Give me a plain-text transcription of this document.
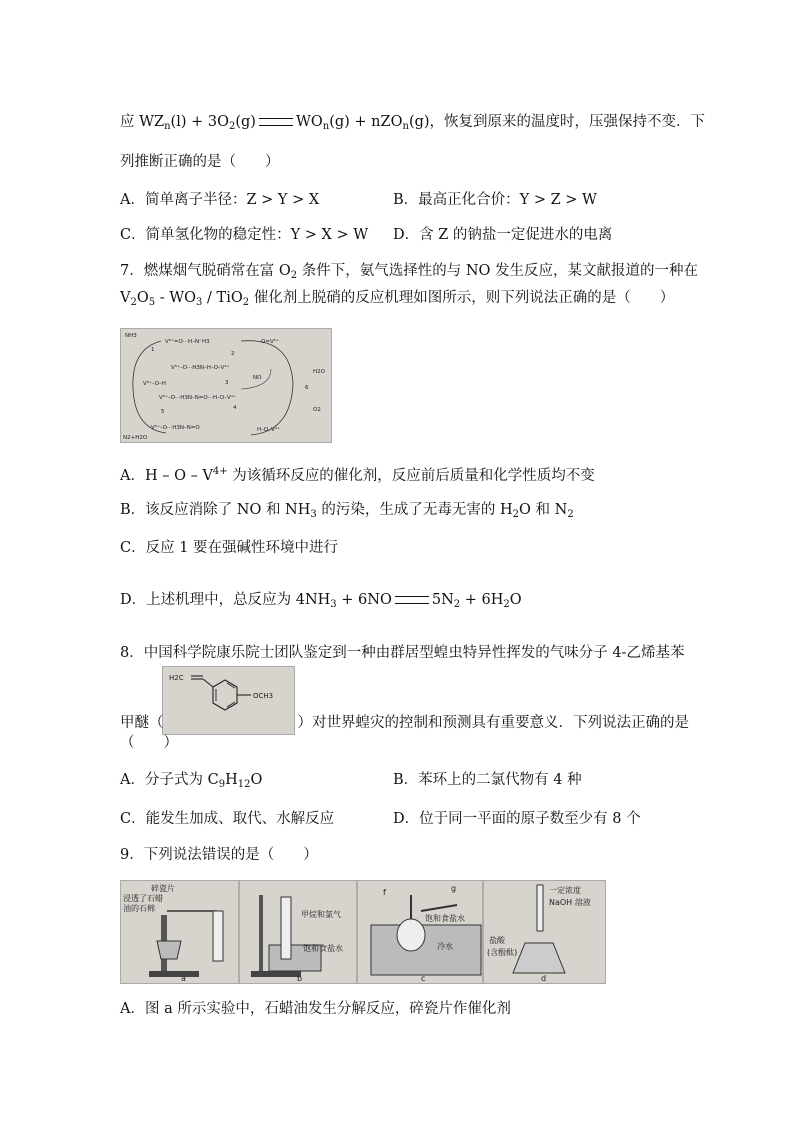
应 $WZ_n(l) + 3O_2(g)$	$WO_n(g) + nZO_n(g)$，恢复到原来的温度时，压强保持不变．下
列推断正确的是（　　）
A．简单离子半径：Z > Y > X	B．最高正化合价：Y > Z > W
C．简单氢化物的稳定性：Y > X > W D．含 Z 的钠盐一定促进水的电离
7．燃煤烟气脱硝常在富 $O_2$ 条件下，氨气选择性的与 NO 发生反应，某文献报道的一种在
$V_2O_5 - WO_3 / TiO_2$ 催化剂上脱硝的反应机理如图所示，则下列说法正确的是（　　）
NH3
V⁵⁺=O···H–N⁻H3	O=V⁵⁺
V⁵⁺–O···H3N–H–O–V⁴⁺
NO
V⁵⁺–O–H
V⁵⁺–O···H3N–N=O···H–O–V⁴⁺
H2O
O2
V⁵⁺–O···H3N–N=O	H–O–V⁴⁺
N2+H2O
1
2
3
4
5
6
A．H – O – $V^{4+}$ 为该循环反应的催化剂，反应前后质量和化学性质均不变
B．该反应消除了 NO 和 $NH_3$ 的污染，生成了无毒无害的 $H_2O$ 和 $N_2$
C．反应 1 要在强碱性环境中进行
D．上述机理中，总反应为 $4NH_3 + 6NO$	$5N_2 + 6H_2O$
8．中国科学院康乐院士团队鉴定到一种由群居型蝗虫特异性挥发的气味分子 4-乙烯基苯
H2C
OCH3
甲醚（	）对世界蝗灾的控制和预测具有重要意义．下列说法正确的是
（　　）
A．分子式为 $C_9H_{12}O$	B．苯环上的二氯代物有 4 种
C．能发生加成、取代、水解反应	D．位于同一平面的原子数至少有 8 个
9．下列说法错误的是（　　）
碎瓷片
浸透了石蜡
油的石棉
a
甲烷和氯气
饱和食盐水
b
f	g
饱和食盐水
冷水
c
一定浓度
NaOH 溶液
盐酸
(含酚酞)
d
A．图 a 所示实验中，石蜡油发生分解反应，碎瓷片作催化剂
